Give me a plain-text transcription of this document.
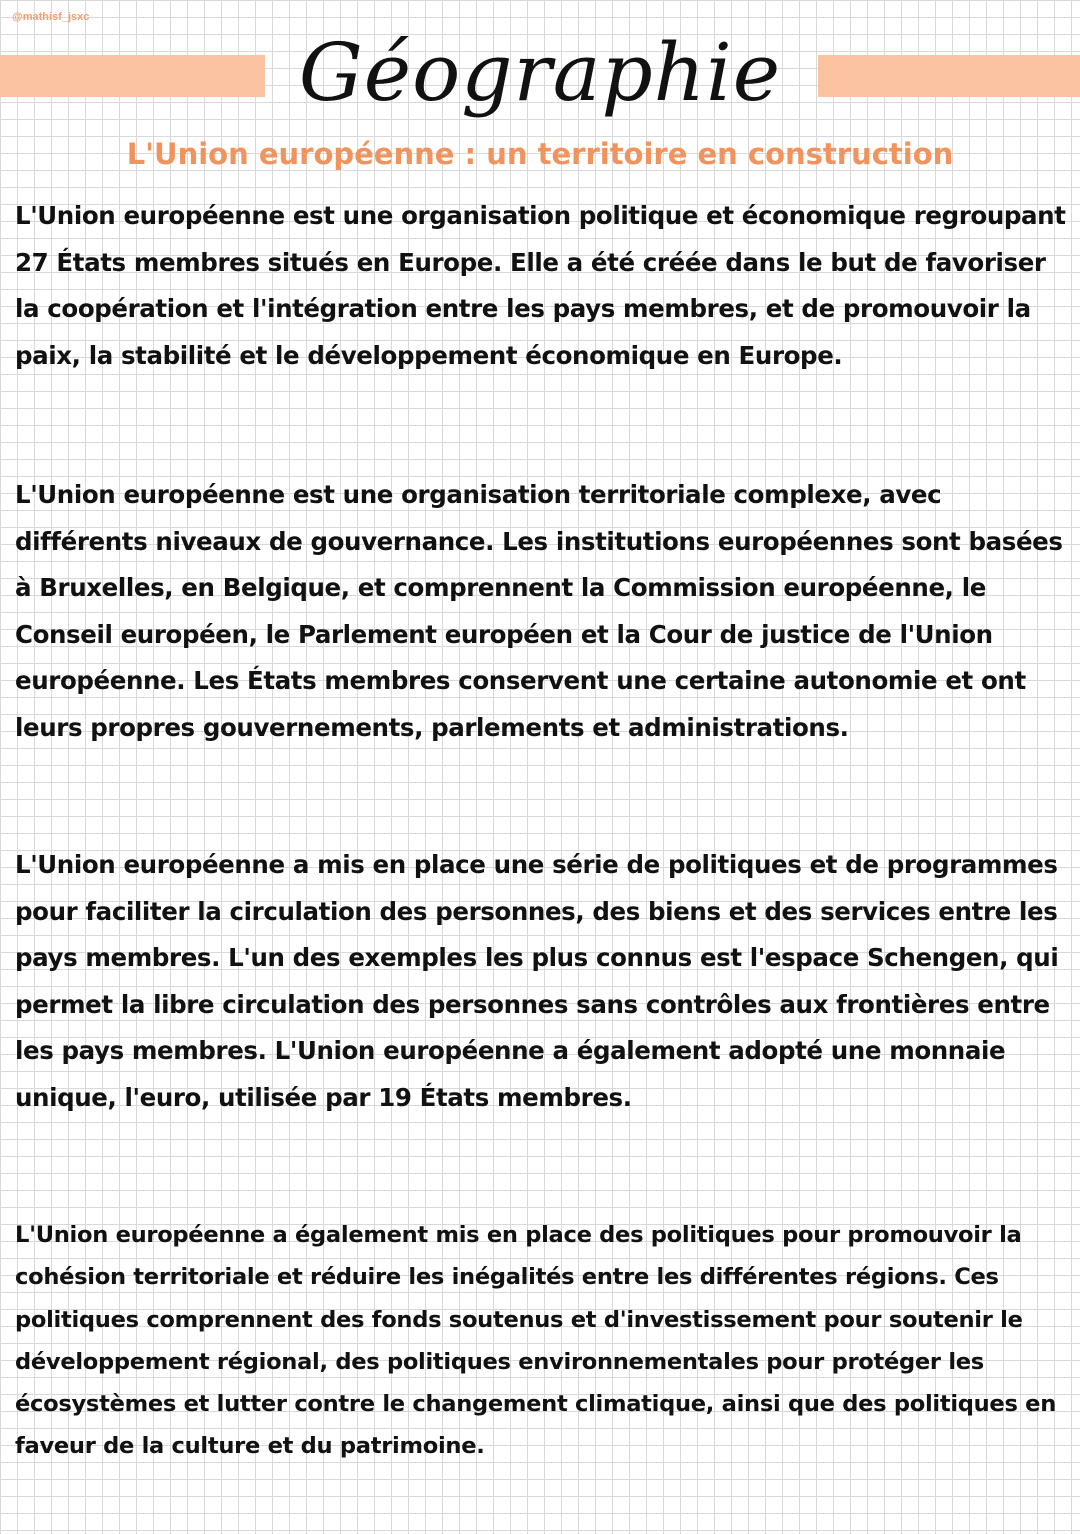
@mathisf_jsxc
Géographie
L'Union européenne : un territoire en construction

L'Union européenne est une organisation politique et économique regroupant 27 États membres situés en Europe. Elle a été créée dans le but de favoriser la coopération et l'intégration entre les pays membres, et de promouvoir la paix, la stabilité et le développement économique en Europe.

L'Union européenne est une organisation territoriale complexe, avec différents niveaux de gouvernance. Les institutions européennes sont basées à Bruxelles, en Belgique, et comprennent la Commission européenne, le Conseil européen, le Parlement européen et la Cour de justice de l'Union européenne. Les États membres conservent une certaine autonomie et ont leurs propres gouvernements, parlements et administrations.

L'Union européenne a mis en place une série de politiques et de programmes pour faciliter la circulation des personnes, des biens et des services entre les pays membres. L'un des exemples les plus connus est l'espace Schengen, qui permet la libre circulation des personnes sans contrôles aux frontières entre les pays membres. L'Union européenne a également adopté une monnaie unique, l'euro, utilisée par 19 États membres.

L'Union européenne a également mis en place des politiques pour promouvoir la cohésion territoriale et réduire les inégalités entre les différentes régions. Ces politiques comprennent des fonds soutenus et d'investissement pour soutenir le développement régional, des politiques environnementales pour protéger les écosystèmes et lutter contre le changement climatique, ainsi que des politiques en faveur de la culture et du patrimoine.
